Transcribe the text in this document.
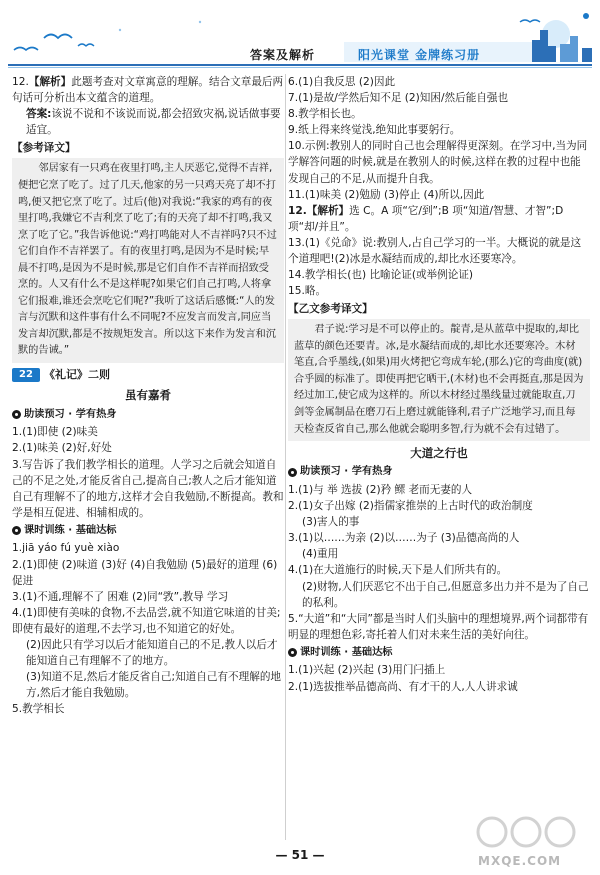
答案及解析	阳光课堂 金牌练习册

12.【解析】此题考查对文章寓意的理解。结合文章最后两句话可分析出本文蕴含的道理。

答案:该说不说和不该说而说,都会招致灾祸,说话做事要适宜。

【参考译文】

邻居家有一只鸡在夜里打鸣,主人厌恶它,觉得不吉祥,便把它烹了吃了。过了几天,他家的另一只鸡天亮了却不打鸣,便又把它烹了吃了。过后(他)对我说:“我家的鸡有的夜里打鸣,我嫌它不吉利烹了吃了;有的天亮了却不打鸣,我又烹了吃了它。”我告诉他说:“鸡打鸣能对人不吉祥吗?只不过它们自作不吉祥罢了。有的夜里打鸣,是因为不是时候;早晨不打鸣,是因为不是时候,那是它们自作不吉祥而招致受烹的。人又有什么不是这样呢?如果它们自己打鸣,人将拿它们报难,谁还会烹吃它们呢?”我听了这话后感慨:“人的发言与沉默和这件事有什么不同呢?不应发言而发言,同应当发言却沉默,都是不按规矩发言。所以这下来作为发言和沉默的告诫。”
22	《礼记》二则
虽有嘉肴
助读预习 · 学有热身

1.(1)即使 (2)味美

2.(1)味美 (2)好,好处

3.写告诉了我们教学相长的道理。人学习之后就会知道自己的不足之处,才能反省自己,提高自己;教人之后才能知道自己有理解不了的地方,这样才会自我勉励,不断提高。教和学是相互促进、相辅相成的。

课时训练 · 基础达标

1.jiā yáo fú yuè xiào

2.(1)即使 (2)味道 (3)好 (4)自我勉励 (5)最好的道理 (6)促进

3.(1)不通,理解不了 困难 (2)同“敩”,教导 学习

4.(1)即使有美味的食物,不去品尝,就不知道它味道的甘美;即使有最好的道理,不去学习,也不知道它的好处。

(2)因此只有学习以后才能知道自己的不足,教人以后才能知道自己有理解不了的地方。

(3)知道不足,然后才能反省自己;知道自己有不理解的地方,然后才能自我勉励。

5.教学相长

6.(1)自我反思 (2)因此

7.(1)是故/学然后知不足 (2)知困/然后能自强也

8.教学相长也。

9.纸上得来终觉浅,绝知此事要躬行。

10.示例:教别人的同时自己也会理解得更深刻。在学习中,当为同学解答问题的时候,就是在教别人的时候,这样在教的过程中也能发现自己的不足,从而提升自我。

11.(1)味美 (2)勉励 (3)停止 (4)所以,因此

12.【解析】选 C。A 项“它/到”;B 项“知道/智慧、才智”;D 项“却/并且”。

13.(1)《兑命》说:教别人,占自己学习的一半。大概说的就是这个道理吧!(2)冰是水凝结而成的,却比水还要寒冷。

14.教学相长(也) 比喻论证(或举例论证)

15.略。

【乙文参考译文】

君子说:学习是不可以停止的。靛青,是从蓝草中提取的,却比蓝草的颜色还要青。冰,是水凝结而成的,却比水还要寒冷。木材笔直,合乎墨线,(如果)用火烤把它弯成车轮,(那么)它的弯曲度(就)合乎圆的标准了。即使再把它晒干,(木材)也不会再挺直,那是因为经过加工,使它成为这样的。所以木材经过墨线量过就能取直,刀剑等金属制品在磨刀石上磨过就能锋利,君子广泛地学习,而且每天检查反省自己,那么他就会聪明多智,行为就不会有过错了。
大道之行也
助读预习 · 学有热身

1.(1)与 举 选拔 (2)矜 鳏 老而无妻的人

2.(1)女子出嫁 (2)指儒家推崇的上古时代的政治制度

(3)害人的事

3.(1)以……为亲 (2)以……为子 (3)品德高尚的人

(4)重用

4.(1)在大道施行的时候,天下是人们所共有的。

(2)财物,人们厌恶它不出于自己,但愿意多出力并不是为了自己的私利。

5.“大道”和“大同”都是当时人们头脑中的理想境界,两个词都带有明显的理想色彩,寄托着人们对未来生活的美好向往。

课时训练 · 基础达标

1.(1)兴起 (2)兴起 (3)用门闩插上

2.(1)选拔推举品德高尚、有才干的人,人人讲求诚

— 51 —	MXQE.COM
